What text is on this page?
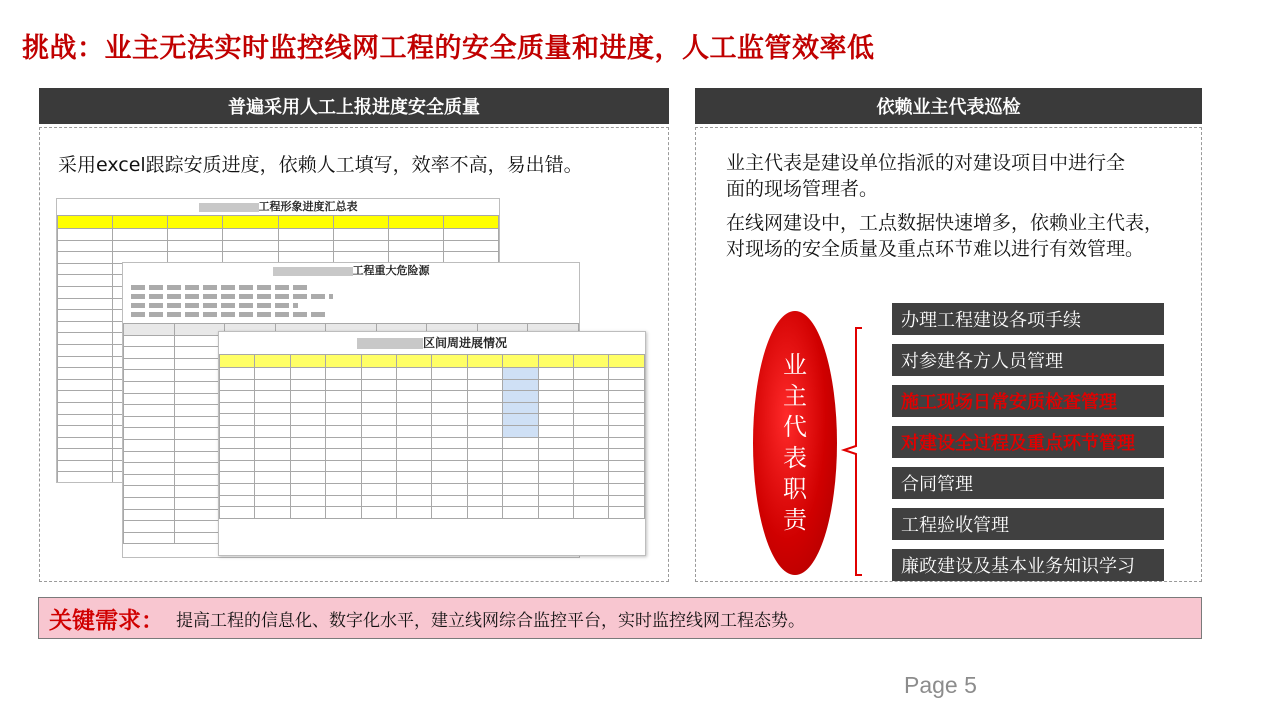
挑战：业主无法实时监控线网工程的安全质量和进度，人工监管效率低
普遍采用人工上报进度安全质量
采用excel跟踪安质进度，依赖人工填写，效率不高，易出错。
工程形象进度汇总表

工程重大危险源

区间周进展情况

依赖业主代表巡检
业主代表是建设单位指派的对建设项目中进行全面的现场管理者。
在线网建设中，工点数据快速增多，依赖业主代表，对现场的安全质量及重点环节难以进行有效管理。
业主代表职责
办理工程建设各项手续
对参建各方人员管理
施工现场日常安质检查管理
对建设全过程及重点环节管理
合同管理
工程验收管理
廉政建设及基本业务知识学习
关键需求： 提高工程的信息化、数字化水平，建立线网综合监控平台，实时监控线网工程态势。
Page 5
